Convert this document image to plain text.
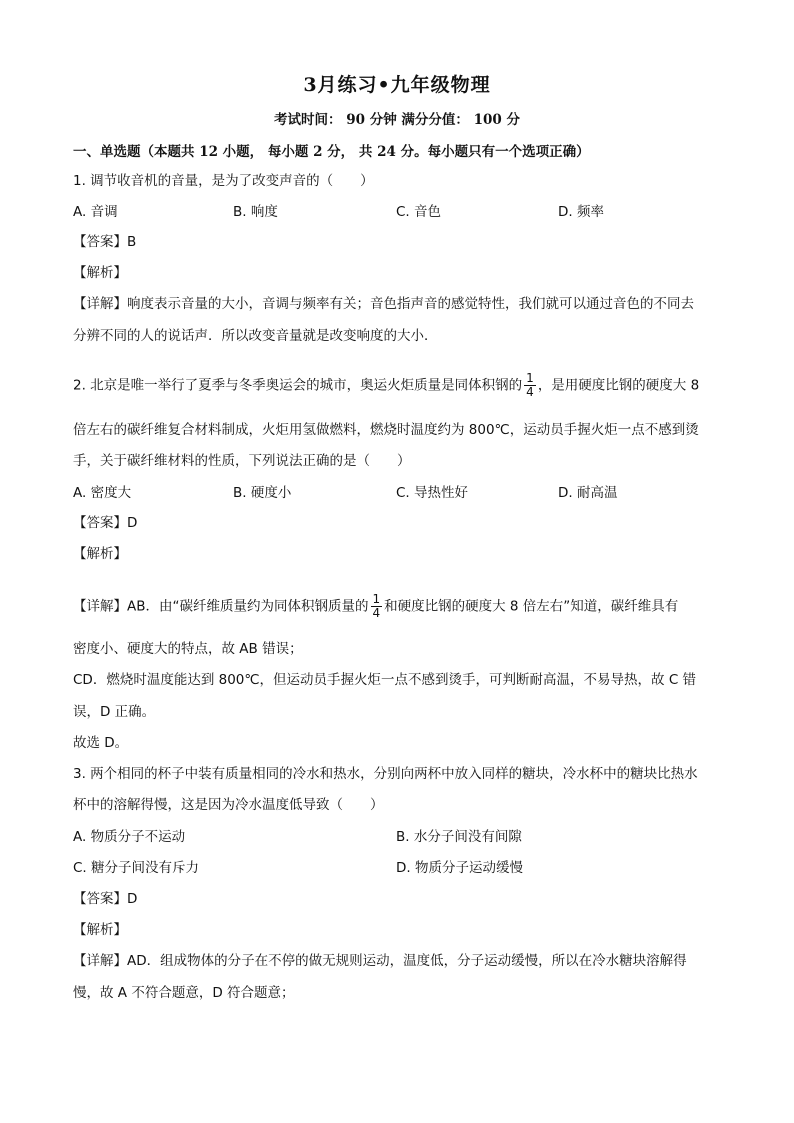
3月练习•九年级物理
考试时间： 90 分钟 满分分值： 100 分
一、单选题（本题共 12 小题， 每小题 2 分， 共 24 分。每小题只有一个选项正确）
1. 调节收音机的音量，是为了改变声音的（　　）
A. 音调	B. 响度	C. 音色	D. 频率
【答案】B
【解析】
【详解】响度表示音量的大小，音调与频率有关；音色指声音的感觉特性，我们就可以通过音色的不同去
分辨不同的人的说话声．所以改变音量就是改变响度的大小．
2. 北京是唯一举行了夏季与冬季奥运会的城市，奥运火炬质量是同体积钢的 $\frac{1}{4}$ ，是用硬度比钢的硬度大 8
倍左右的碳纤维复合材料制成，火炬用氢做燃料，燃烧时温度约为 800℃，运动员手握火炬一点不感到烫
手，关于碳纤维材料的性质，下列说法正确的是（　　）
A. 密度大	B. 硬度小	C. 导热性好	D. 耐高温
【答案】D
【解析】
【详解】AB．由“碳纤维质量约为同体积钢质量的 $\frac{1}{4}$ 和硬度比钢的硬度大 8 倍左右”知道，碳纤维具有
密度小、硬度大的特点，故 AB 错误；
CD．燃烧时温度能达到 800℃，但运动员手握火炬一点不感到烫手，可判断耐高温，不易导热，故 C 错
误，D 正确。
故选 D。
3. 两个相同的杯子中装有质量相同的冷水和热水，分别向两杯中放入同样的糖块，冷水杯中的糖块比热水
杯中的溶解得慢，这是因为冷水温度低导致（　　）
A. 物质分子不运动	B. 水分子间没有间隙
C. 糖分子间没有斥力	D. 物质分子运动缓慢
【答案】D
【解析】
【详解】AD．组成物体的分子在不停的做无规则运动，温度低，分子运动缓慢，所以在冷水糖块溶解得
慢，故 A 不符合题意，D 符合题意；
